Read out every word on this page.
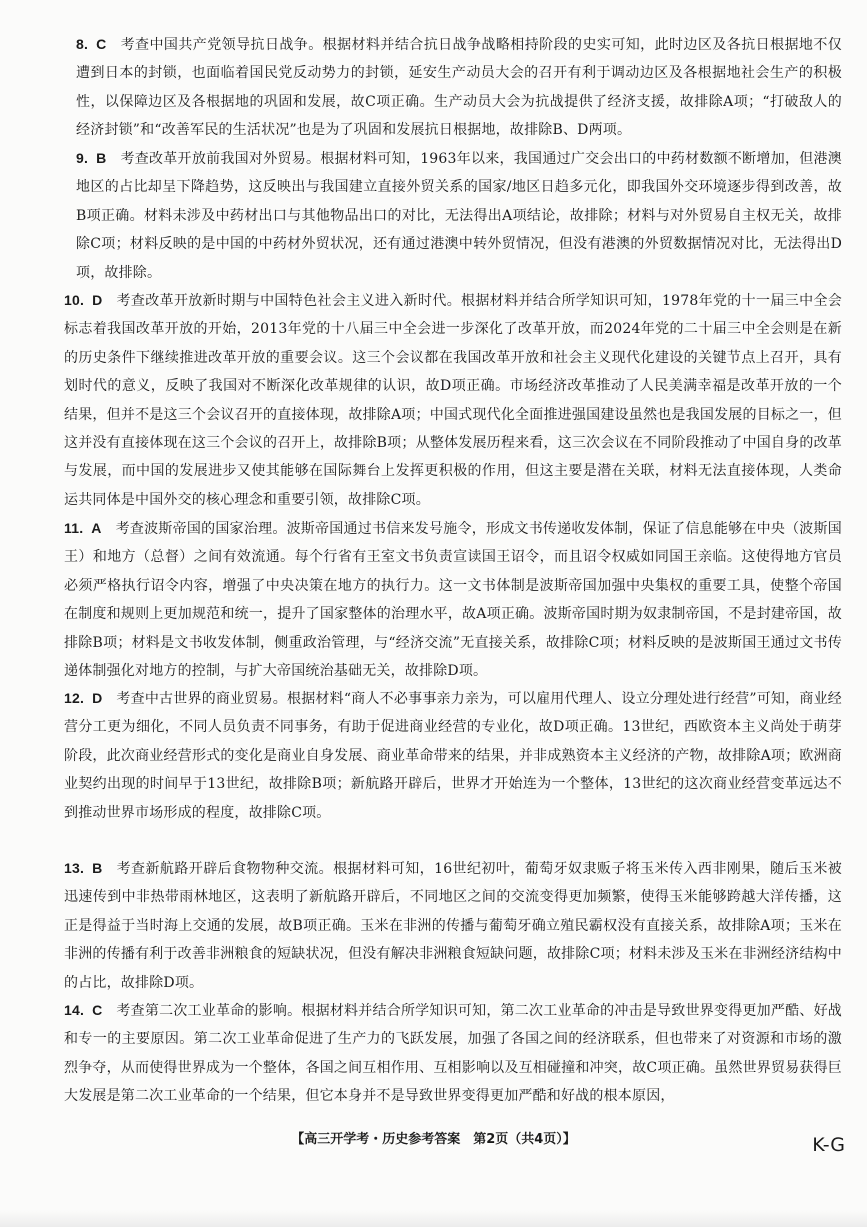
8. C 考查中国共产党领导抗日战争。根据材料并结合抗日战争战略相持阶段的史实可知，此时边区及各抗日根据地不仅遭到日本的封锁，也面临着国民党反动势力的封锁，延安生产动员大会的召开有利于调动边区及各根据地社会生产的积极性，以保障边区及各根据地的巩固和发展，故C项正确。生产动员大会为抗战提供了经济支援，故排除A项；“打破敌人的经济封锁”和“改善军民的生活状况”也是为了巩固和发展抗日根据地，故排除B、D两项。

9. B 考查改革开放前我国对外贸易。根据材料可知，1963年以来，我国通过广交会出口的中药材数额不断增加，但港澳地区的占比却呈下降趋势，这反映出与我国建立直接外贸关系的国家/地区日趋多元化，即我国外交环境逐步得到改善，故B项正确。材料未涉及中药材出口与其他物品出口的对比，无法得出A项结论，故排除；材料与对外贸易自主权无关，故排除C项；材料反映的是中国的中药材外贸状况，还有通过港澳中转外贸情况，但没有港澳的外贸数据情况对比，无法得出D项，故排除。

10. D 考查改革开放新时期与中国特色社会主义进入新时代。根据材料并结合所学知识可知，1978年党的十一届三中全会标志着我国改革开放的开始，2013年党的十八届三中全会进一步深化了改革开放，而2024年党的二十届三中全会则是在新的历史条件下继续推进改革开放的重要会议。这三个会议都在我国改革开放和社会主义现代化建设的关键节点上召开，具有划时代的意义，反映了我国对不断深化改革规律的认识，故D项正确。市场经济改革推动了人民美满幸福是改革开放的一个结果，但并不是这三个会议召开的直接体现，故排除A项；中国式现代化全面推进强国建设虽然也是我国发展的目标之一，但这并没有直接体现在这三个会议的召开上，故排除B项；从整体发展历程来看，这三次会议在不同阶段推动了中国自身的改革与发展，而中国的发展进步又使其能够在国际舞台上发挥更积极的作用，但这主要是潜在关联，材料无法直接体现，人类命运共同体是中国外交的核心理念和重要引领，故排除C项。

11. A 考查波斯帝国的国家治理。波斯帝国通过书信来发号施令，形成文书传递收发体制，保证了信息能够在中央（波斯国王）和地方（总督）之间有效流通。每个行省有王室文书负责宣读国王诏令，而且诏令权威如同国王亲临。这使得地方官员必须严格执行诏令内容，增强了中央决策在地方的执行力。这一文书体制是波斯帝国加强中央集权的重要工具，使整个帝国在制度和规则上更加规范和统一，提升了国家整体的治理水平，故A项正确。波斯帝国时期为奴隶制帝国，不是封建帝国，故排除B项；材料是文书收发体制，侧重政治管理，与“经济交流”无直接关系，故排除C项；材料反映的是波斯国王通过文书传递体制强化对地方的控制，与扩大帝国统治基础无关，故排除D项。

12. D 考查中古世界的商业贸易。根据材料“商人不必事事亲力亲为，可以雇用代理人、设立分理处进行经营”可知，商业经营分工更为细化，不同人员负责不同事务，有助于促进商业经营的专业化，故D项正确。13世纪，西欧资本主义尚处于萌芽阶段，此次商业经营形式的变化是商业自身发展、商业革命带来的结果，并非成熟资本主义经济的产物，故排除A项；欧洲商业契约出现的时间早于13世纪，故排除B项；新航路开辟后，世界才开始连为一个整体，13世纪的这次商业经营变革远达不到推动世界市场形成的程度，故排除C项。

13. B 考查新航路开辟后食物物种交流。根据材料可知，16世纪初叶，葡萄牙奴隶贩子将玉米传入西非刚果，随后玉米被迅速传到中非热带雨林地区，这表明了新航路开辟后，不同地区之间的交流变得更加频繁，使得玉米能够跨越大洋传播，这正是得益于当时海上交通的发展，故B项正确。玉米在非洲的传播与葡萄牙确立殖民霸权没有直接关系，故排除A项；玉米在非洲的传播有利于改善非洲粮食的短缺状况，但没有解决非洲粮食短缺问题，故排除C项；材料未涉及玉米在非洲经济结构中的占比，故排除D项。

14. C 考查第二次工业革命的影响。根据材料并结合所学知识可知，第二次工业革命的冲击是导致世界变得更加严酷、好战和专一的主要原因。第二次工业革命促进了生产力的飞跃发展，加强了各国之间的经济联系，但也带来了对资源和市场的激烈争夺，从而使得世界成为一个整体，各国之间互相作用、互相影响以及互相碰撞和冲突，故C项正确。虽然世界贸易获得巨大发展是第二次工业革命的一个结果，但它本身并不是导致世界变得更加严酷和好战的根本原因，

【高三开学考・历史参考答案　第2页（共4页）】	K-G
